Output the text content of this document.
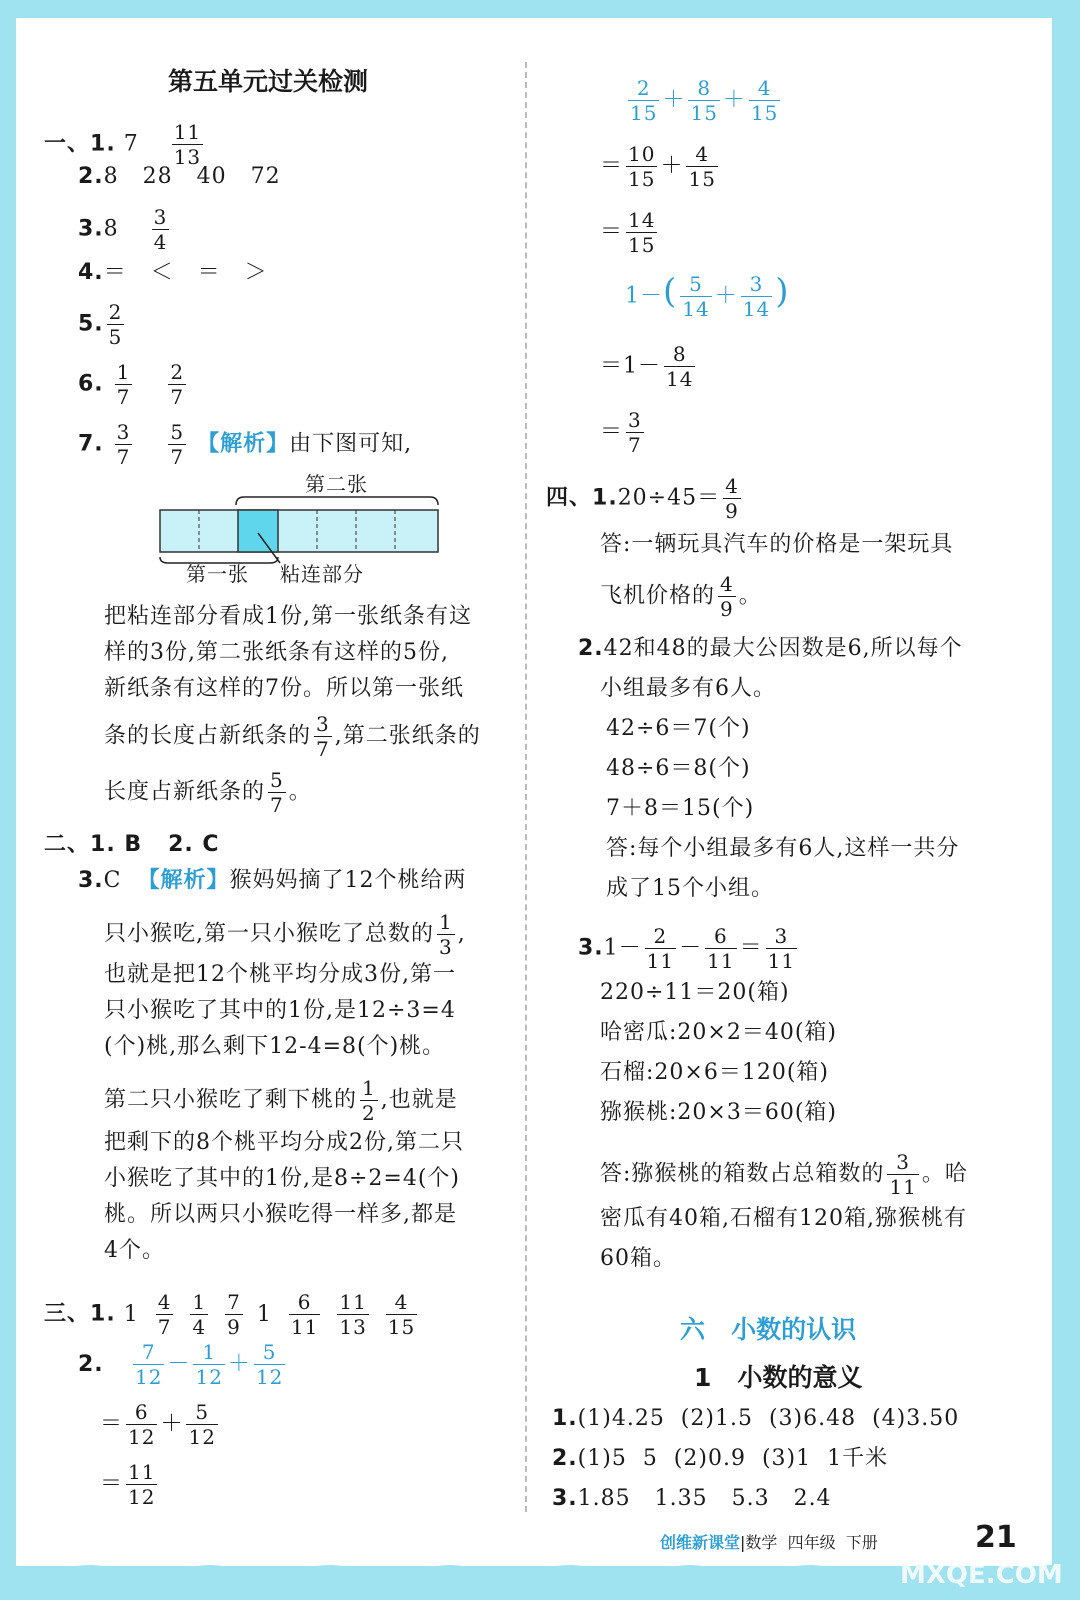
第五单元过关检测
一、1. $7 \frac{11}{13}$
2.8   28   40   72
$3.8 \frac{3}{4}$
4.＝   ＜   ＝   ＞
5. $\frac{2}{5}$
6. $\frac{1}{7}$
$\frac{2}{7}$
7. $\frac{3}{7}$
$\frac{5}{7}$ 【解析】由下图可知,
第二张
第一张 粘连部分
把粘连部分看成1份,第一张纸条有这
样的3份,第二张纸条有这样的5份,
新纸条有这样的7份。所以第一张纸
条的长度占新纸条的 $\frac{3}{7}$ ,第二张纸条的
长度占新纸条的 $\frac{5}{7}$ 。
二、1. B   2. C
3.C 【解析】猴妈妈摘了12个桃给两
只小猴吃,第一只小猴吃了总数的 $\frac{1}{3}$ ,
也就是把12个桃平均分成3份,第一
只小猴吃了其中的1份,是12÷3=4
(个)桃,那么剩下12-4=8(个)桃。
第二只小猴吃了剩下桃的 $\frac{1}{2}$ ,也就是
把剩下的8个桃平均分成2份,第二只
小猴吃了其中的1份,是8÷2=4(个)
桃。所以两只小猴吃得一样多,都是
4个。
三、1. $1 \frac{4}{7} \frac{1}{4} \frac{7}{9} 1 \frac{6}{11} \frac{11}{13} \frac{4}{15}$
2. $\frac{7}{12} - \frac{1}{12} + \frac{5}{12}$
＝ $\frac{6}{12} + \frac{5}{12}$
＝ $\frac{11}{12}$
$\frac{2}{15} + \frac{8}{15} + \frac{4}{15}$
＝ $\frac{10}{15} + \frac{4}{15}$
＝ $\frac{14}{15}$
$1-( \frac{5}{14} + \frac{3}{14}$ )
$=1- \frac{8}{14}$
＝ $\frac{3}{7}$
四、$1.20\div 45= \frac{4}{9}$
答:一辆玩具汽车的价格是一架玩具
飞机价格的 $\frac{4}{9}$ 。
2.42和48的最大公因数是6,所以每个
小组最多有6人。
42÷6＝7(个)
48÷6＝8(个)
7＋8＝15(个)
答:每个小组最多有6人,这样一共分
成了15个小组。
$3.1- \frac{2}{11} - \frac{6}{11} = \frac{3}{11}$
220÷11＝20(箱)
哈密瓜:20×2＝40(箱)
石榴:20×6＝120(箱)
猕猴桃:20×3＝60(箱)
答:猕猴桃的箱数占总箱数的 $\frac{3}{11}$ 。哈
密瓜有40箱,石榴有120箱,猕猴桃有
60箱。
六 小数的认识
1 小数的意义
1.(1)4.25  (2)1.5  (3)6.48  (4)3.50
2.(1)5  5  (2)0.9  (3)1  1千米
3.1.85   1.35   5.3   2.4
创维新课堂|数学 四年级 下册	21
MXQE.COM
